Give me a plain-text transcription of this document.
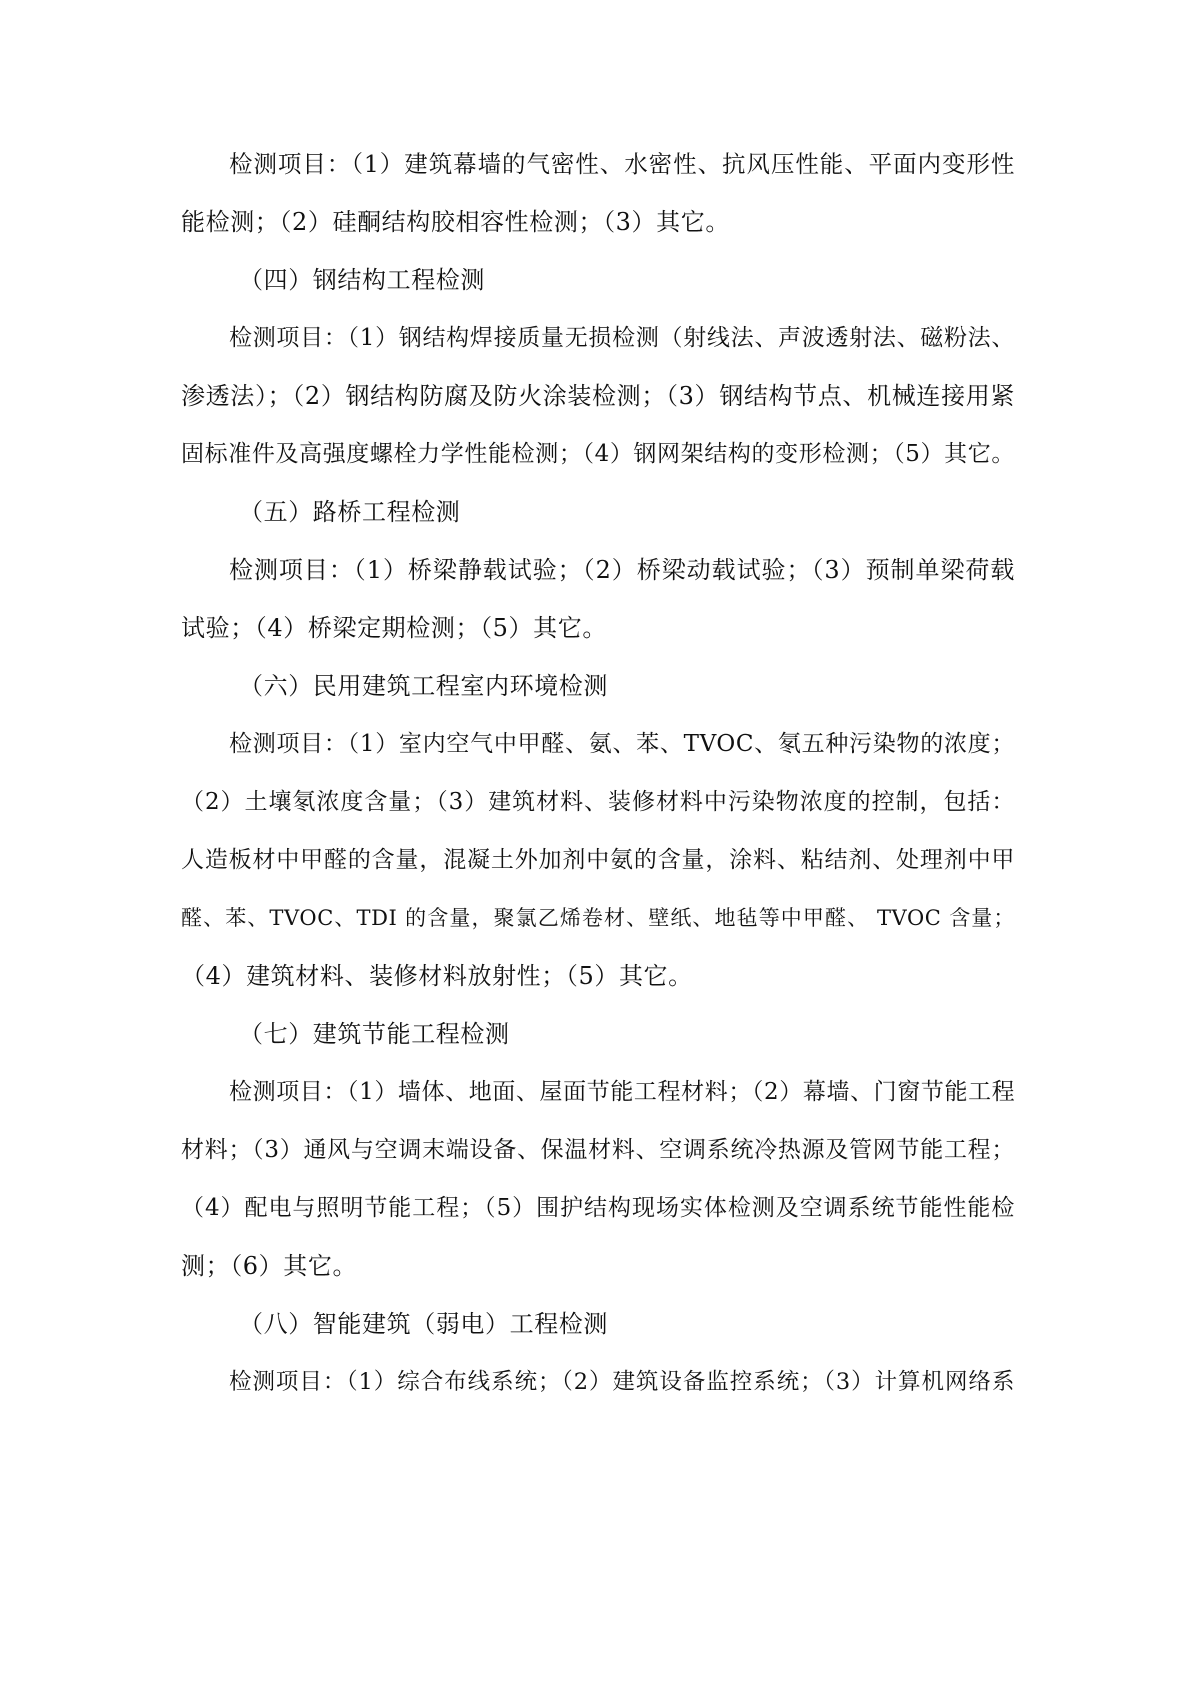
检测项目：（1）建筑幕墙的气密性、水密性、抗风压性能、平面内变形性
能检测；（2）硅酮结构胶相容性检测；（3）其它。
（四）钢结构工程检测
检测项目：（1）钢结构焊接质量无损检测（射线法、声波透射法、磁粉法、
渗透法）；（2）钢结构防腐及防火涂装检测；（3）钢结构节点、机械连接用紧
固标准件及高强度螺栓力学性能检测；（4）钢网架结构的变形检测；（5）其它。
（五）路桥工程检测
检测项目：（1）桥梁静载试验；（2）桥梁动载试验；（3）预制单梁荷载
试验；（4）桥梁定期检测；（5）其它。
（六）民用建筑工程室内环境检测
检测项目：（1）室内空气中甲醛、氨、苯、TVOC、氡五种污染物的浓度；
（2）土壤氡浓度含量；（3）建筑材料、装修材料中污染物浓度的控制，包括：
人造板材中甲醛的含量，混凝土外加剂中氨的含量，涂料、粘结剂、处理剂中甲
醛、苯、TVOC、TDI 的含量，聚氯乙烯卷材、壁纸、地毡等中甲醛、 TVOC 含量；
（4）建筑材料、装修材料放射性；（5）其它。
（七）建筑节能工程检测
检测项目：（1）墙体、地面、屋面节能工程材料；（2）幕墙、门窗节能工程
材料；（3）通风与空调末端设备、保温材料、空调系统冷热源及管网节能工程；
（4）配电与照明节能工程；（5）围护结构现场实体检测及空调系统节能性能检
测；（6）其它。
（八）智能建筑（弱电）工程检测
检测项目：（1）综合布线系统；（2）建筑设备监控系统；（3）计算机网络系
